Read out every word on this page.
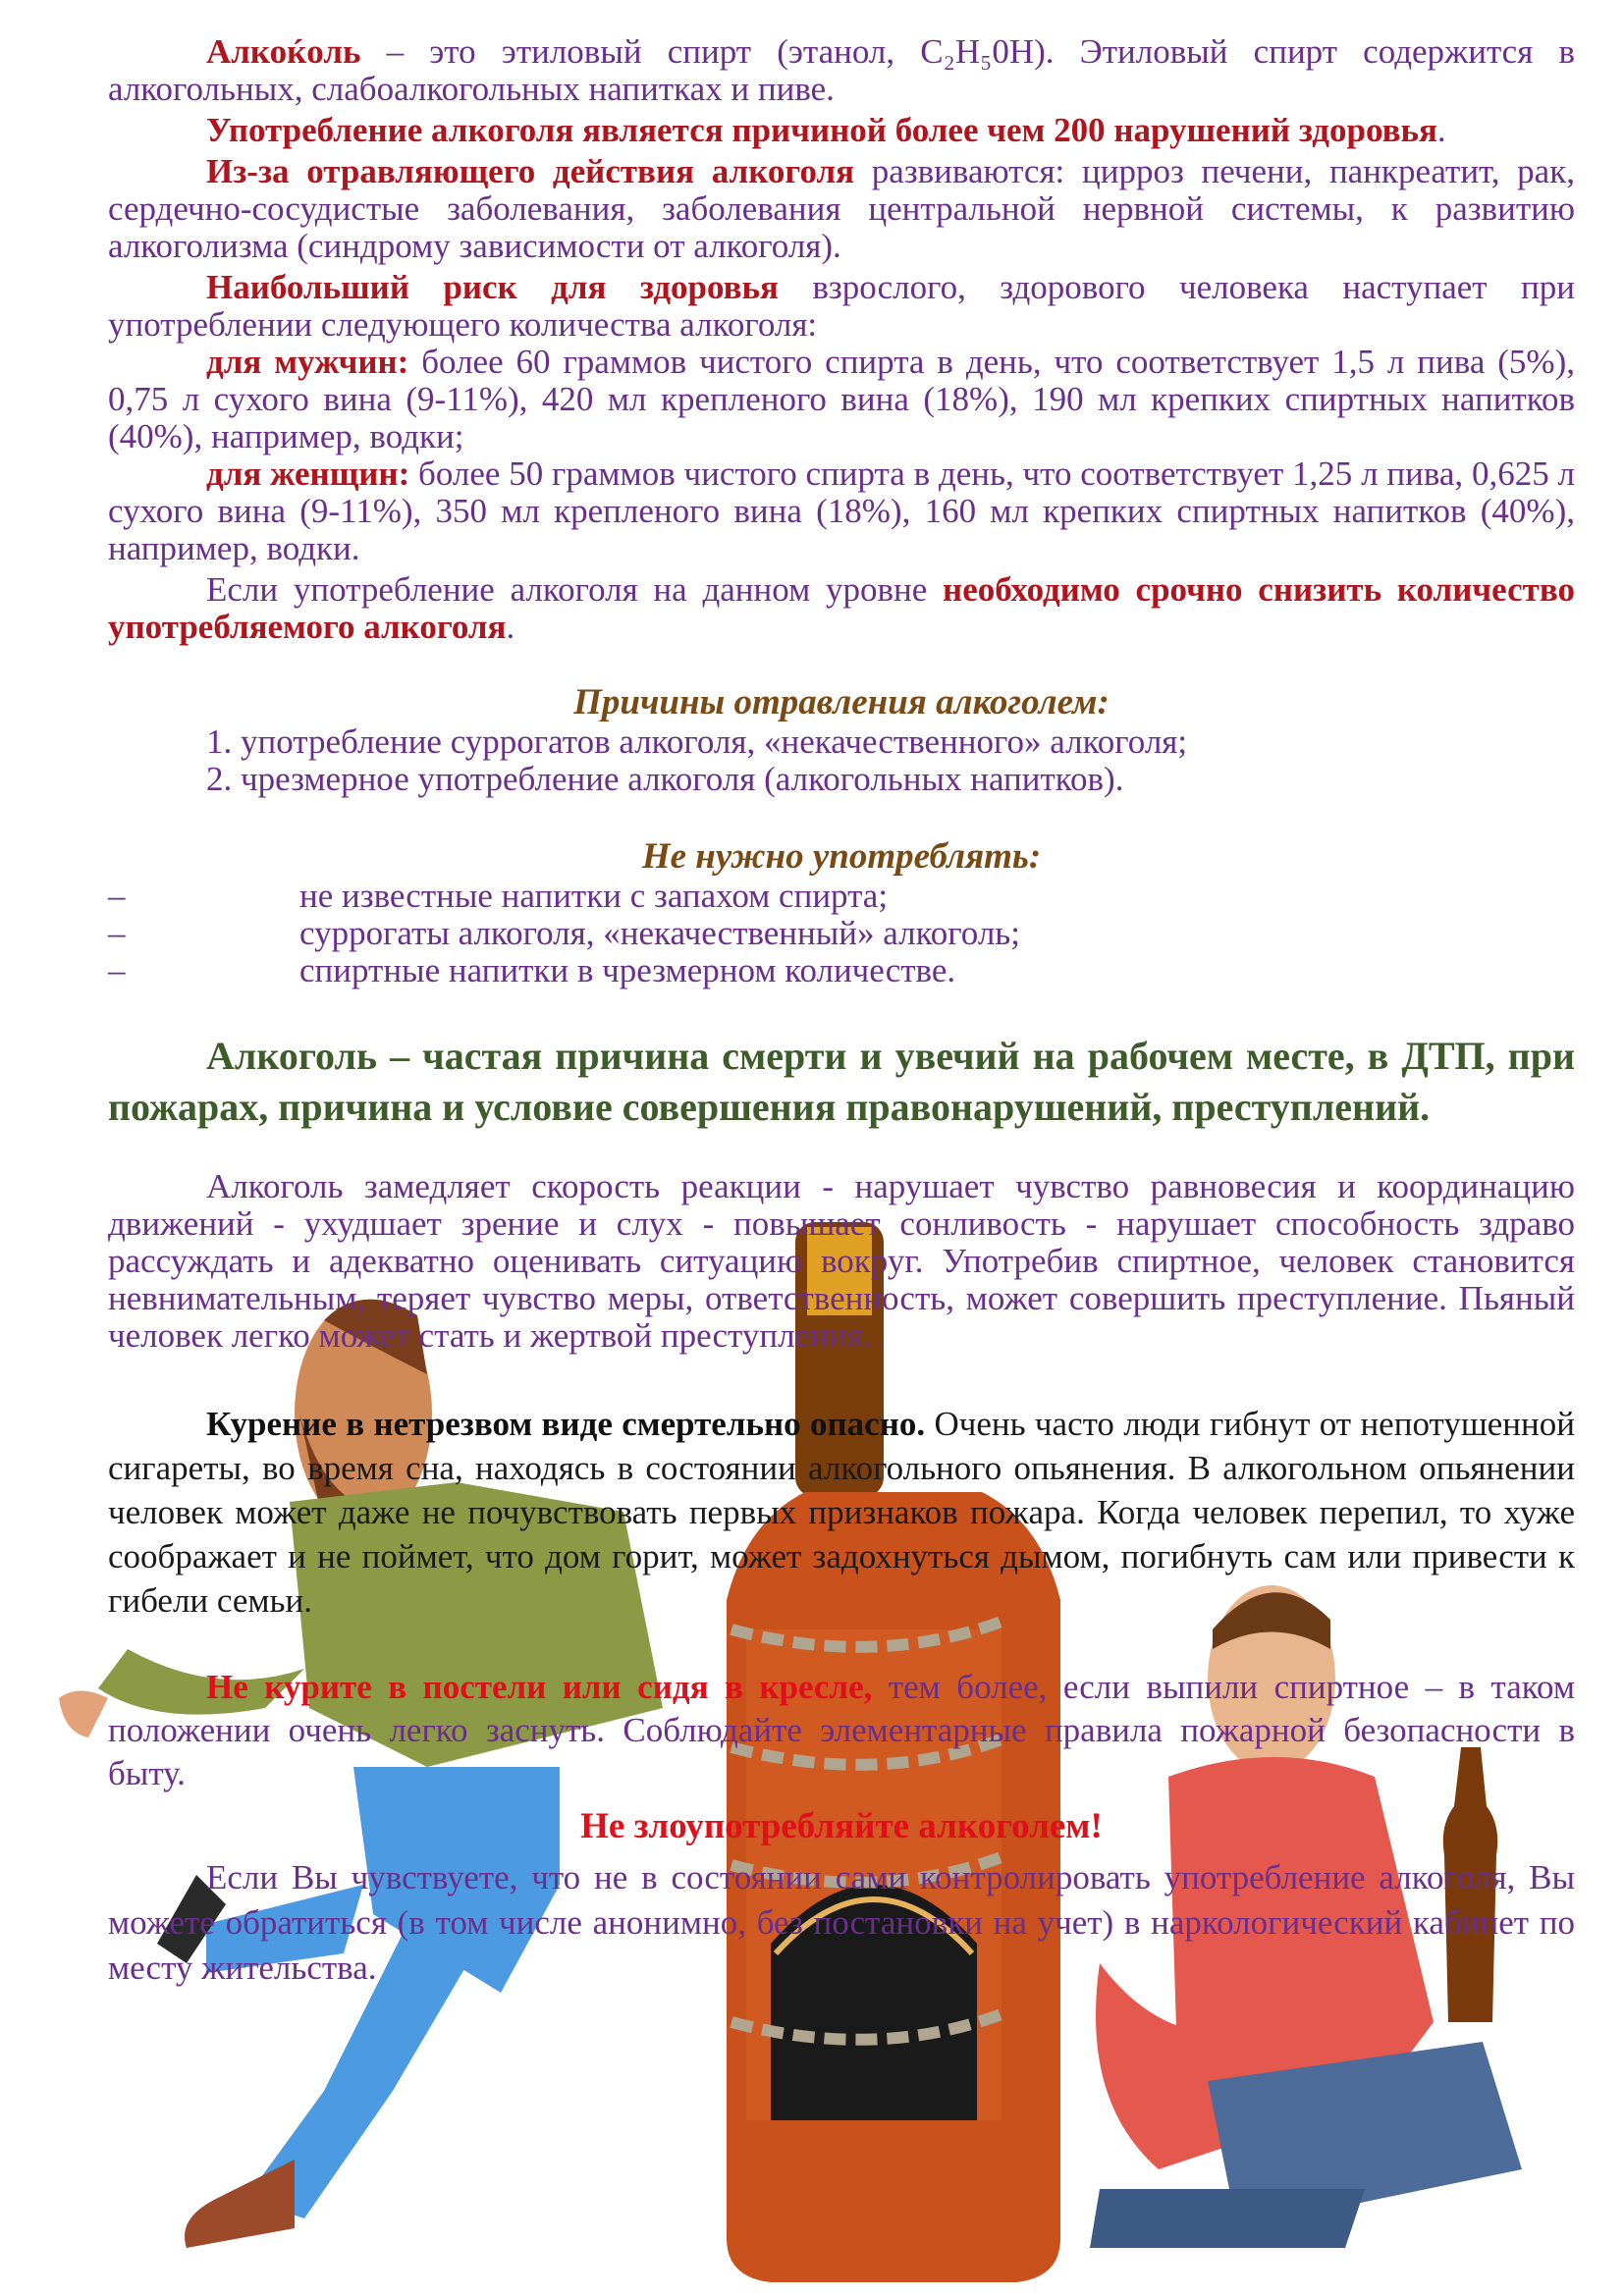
Алкоќоль – это этиловый спирт (этанол, C₂H₅0H). Этиловый спирт содержится в алкогольных, слабоалкогольных напитках и пиве.

Употребление алкоголя является причиной более чем 200 нарушений здоровья.

Из-за отравляющего действия алкоголя развиваются: цирроз печени, панкреатит, рак, сердечно-сосудистые заболевания, заболевания центральной нервной системы, к развитию алкоголизма (синдрому зависимости от алкоголя).

Наибольший риск для здоровья взрослого, здорового человека наступает при употреблении следующего количества алкоголя:

для мужчин: более 60 граммов чистого спирта в день, что соответствует 1,5 л пива (5%), 0,75 л сухого вина (9-11%), 420 мл крепленого вина (18%), 190 мл крепких спиртных напитков (40%), например, водки;

для женщин: более 50 граммов чистого спирта в день, что соответствует 1,25 л пива, 0,625 л сухого вина (9-11%), 350 мл крепленого вина (18%), 160 мл крепких спиртных напитков (40%), например, водки.

Если употребление алкоголя на данном уровне необходимо срочно снизить количество употребляемого алкоголя.

Причины отравления алкоголем:

1. употребление суррогатов алкоголя, «некачественного» алкоголя;

2. чрезмерное употребление алкоголя (алкогольных напитков).

Не нужно употреблять:

–	не известные напитки с запахом спирта;

–	суррогаты алкоголя, «некачественный» алкоголь;

–	спиртные напитки в чрезмерном количестве.

Алкоголь – частая причина смерти и увечий на рабочем месте, в ДТП, при пожарах, причина и условие совершения правонарушений, преступлений.

Алкоголь замедляет скорость реакции - нарушает чувство равновесия и координацию движений - ухудшает зрение и слух - повышает сонливость - нарушает способность здраво рассуждать и адекватно оценивать ситуацию вокруг. Употребив спиртное, человек становится невнимательным, теряет чувство меры, ответственность, может совершить преступление. Пьяный человек легко может стать и жертвой преступления.

Курение в нетрезвом виде смертельно опасно. Очень часто люди гибнут от непотушенной сигареты, во время сна, находясь в состоянии алкогольного опьянения. В алкогольном опьянении человек может даже не почувствовать первых признаков пожара. Когда человек перепил, то хуже соображает и не поймет, что дом горит, может задохнуться дымом, погибнуть сам или привести к гибели семьи.

Не курите в постели или сидя в кресле, тем более, если выпили спиртное – в таком положении очень легко заснуть. Соблюдайте элементарные правила пожарной безопасности в быту.

Не злоупотребляйте алкоголем!

Если Вы чувствуете, что не в состоянии сами контролировать употребление алкоголя, Вы можете обратиться (в том числе анонимно, без постановки на учет) в наркологический кабинет по месту жительства.
